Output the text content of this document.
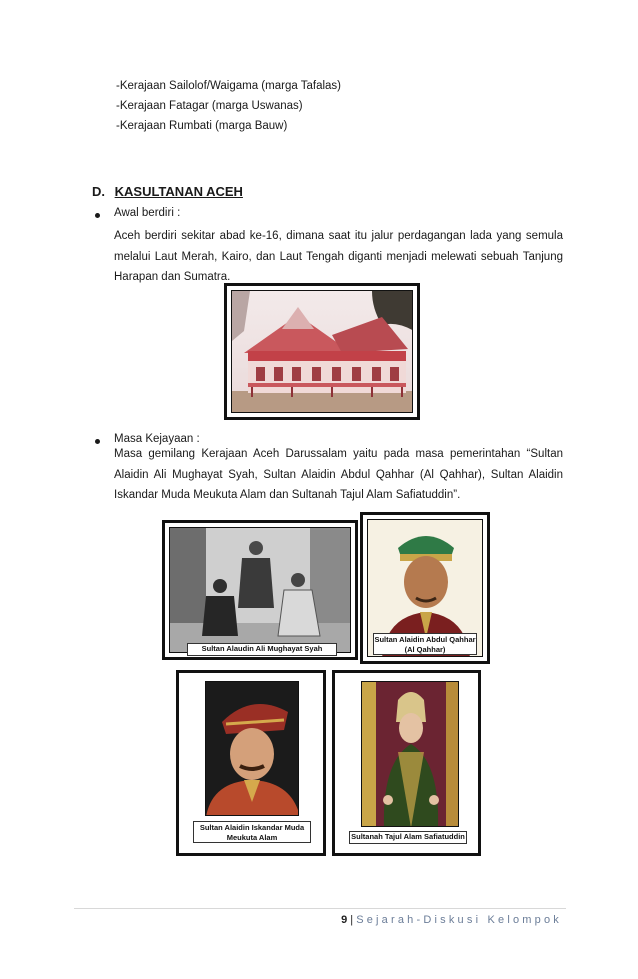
-Kerajaan Sailolof/Waigama (marga Tafalas)
-Kerajaan Fatagar (marga Uswanas)
-Kerajaan Rumbati (marga Bauw)
D. KASULTANAN ACEH
Awal berdiri :
Aceh berdiri sekitar abad ke-16, dimana saat itu jalur perdagangan lada yang semula melalui Laut Merah, Kairo, dan Laut Tengah diganti menjadi melewati sebuah Tanjung Harapan dan Sumatra.
Masa Kejayaan :
Masa gemilang Kerajaan Aceh Darussalam yaitu pada masa pemerintahan “Sultan Alaidin Ali Mughayat Syah, Sultan Alaidin Abdul Qahhar (Al Qahhar), Sultan Alaidin Iskandar Muda Meukuta Alam dan Sultanah Tajul Alam Safiatuddin”.
Sultan Alaudin Ali Mughayat Syah
Sultan Alaidin Abdul Qahhar
(Al Qahhar)
Sultan Alaidin Iskandar Muda
Meukuta Alam	Sultanah Tajul Alam Safiatuddin
9 | Sejarah-Diskusi Kelompok
